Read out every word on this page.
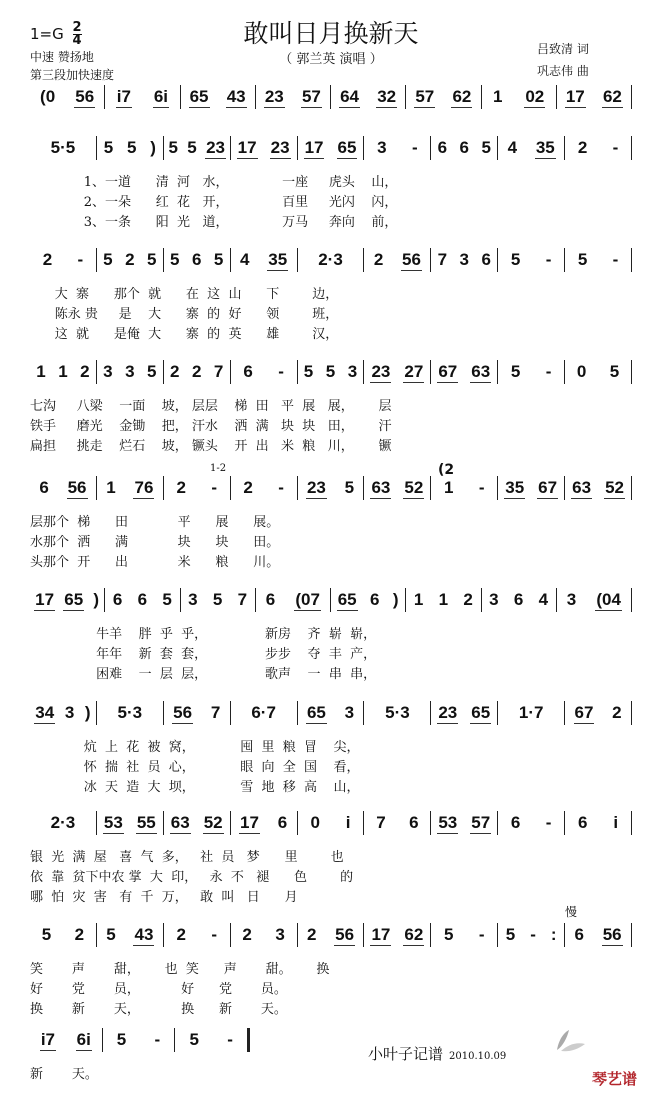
敢叫日月换新天
（ 郭兰英 演唱 ）
$1=G \frac{2}{4}$
中速 赞扬地
第三段加快速度
吕致清 词
巩志伟 曲
(0 56 i7 6i 65 43 23 57 64 32 57 62 1 02 17 62
5·5 5 5 ) 5 5 23 17 23 17 65 3 - 6 6 5 4 35 2 -
1、一道      清  河   水，             一座     虎头    山，
2、一朵      红  花   开，             百里     光闪    闪，
3、一条      阳  光   道，             万马     奔向    前，
2 - 5 2 5 5 6 5 4 35 2·3 2 56 7 3 6 5 - 5 -
大  寨      那个  就      在  这  山      下        边，
陈永 贵     是    大      寨  的  好      领        班，
这  就      是俺  大      寨  的  英      雄        汉，
1 1 2 3 3 5 2 2 7 6 - 5 5 3 23 27 67 63 5 - 0 5
七沟     八梁    一面    坡， 层层    梯  田   平  展   展，      层
铁手     磨光    金锄    把， 汗水    洒  满   块  块   田，      汗
扁担     挑走    烂石    坡， 镢头    开  出   米  粮   川，      镢
6 56 1 76 2 - 2 - 23 5 63 52 1 - 35 67 63 52
层那个  梯      田            平      展      展。
水那个  洒      满            块      块      田。
头那个  开      出            米      粮      川。
17 65 ) 6 6 5 3 5 7 6 (07 65 6 ) 1 1 2 3 6 4 3 (04
牛羊    胖  乎  乎，              新房    齐  崭  崭，
年年    新  套  套，              步步    夺  丰  产，
困难    一  层  层，              歌声    一  串  串，
34 3 ) 5·3 56 7 6·7 65 3 5·3 23 65 1·7 67 2
炕  上  花  被  窝，           囤  里  粮  冒    尖，
怀  揣  社  员  心，           眼  向  全  国    看，
冰  天  造  大  坝，           雪  地  移  高    山，
2·3 53 55 63 52 17 6 0 i 7 6 53 57 6 - 6 i
银  光  满  屋   喜  气  多，   社  员   梦      里        也
依  靠  贫下中农 掌  大  印，   永  不   褪      色        的
哪  怕  灾  害   有  千  万，   敢  叫   日      月
5 2 5 43 2 - 2 3 2 56 17 62 5 - 5 - : 6 56
笑       声       甜，      也  笑      声       甜。      换
好       党       员，          好      党       员。
换       新       天，          换      新       天。
i7 6i 5 - 5 -
新       天。
1-2	(2
慢
小叶子记谱 2010.10.09
琴艺谱
